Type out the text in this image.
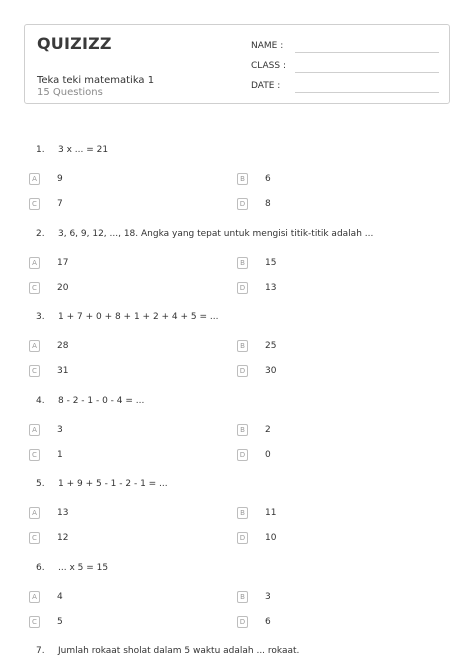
QUIZIZZ
Teka teki matematika 1
15 Questions
NAME :
CLASS :
DATE :
1. 3 x ... = 21
A	9	B	6
C	7	D	8
2. 3, 6, 9, 12, ..., 18. Angka yang tepat untuk mengisi titik-titik adalah ...
A	17	B	15
C	20	D	13
3. 1 + 7 + 0 + 8 + 1 + 2 + 4 + 5 = ...
A	28	B	25
C	31	D	30
4. 8 - 2 - 1 - 0 - 4 = ...
A	3	B	2
C	1	D	0
5. 1 + 9 + 5 - 1 - 2 - 1 = ...
A	13	B	11
C	12	D	10
6. ... x 5 = 15
A	4	B	3
C	5	D	6
7. Jumlah rokaat sholat dalam 5 waktu adalah ... rokaat.
